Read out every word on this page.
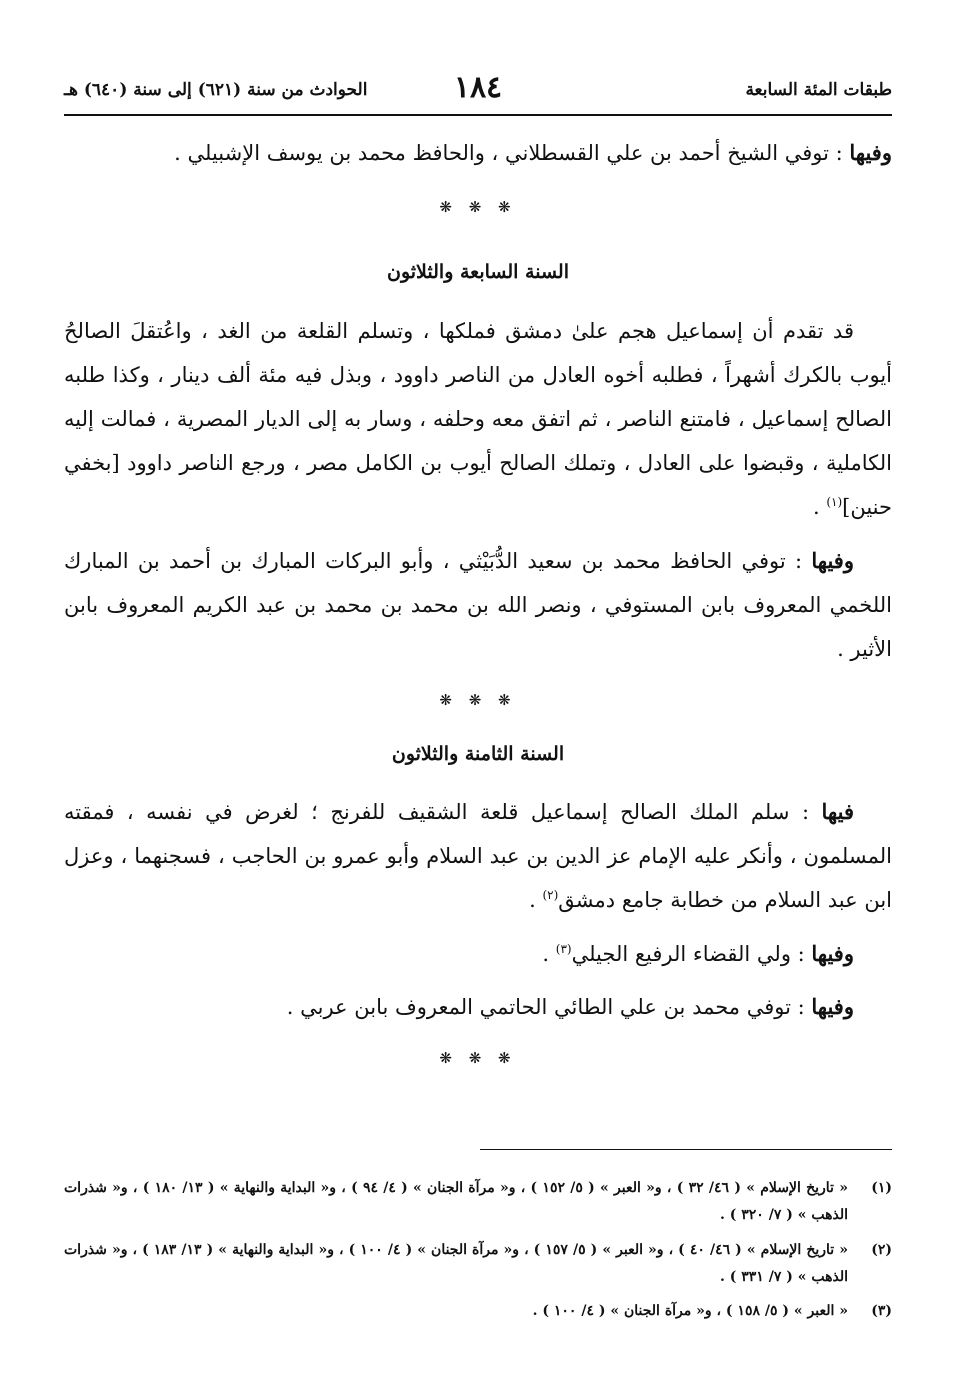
طبقات المئة السابعة
١٨٤
الحوادث من سنة (٦٢١) إلى سنة (٦٤٠) هـ
وفيها : توفي الشيخ أحمد بن علي القسطلاني ، والحافظ محمد بن يوسف الإشبيلي .
❋ ❋ ❋
السنة السابعة والثلاثون
قد تقدم أن إسماعيل هجم علىٰ دمشق فملكها ، وتسلم القلعة من الغد ، واعُتقلَ الصالحُ أيوب بالكرك أشهراً ، فطلبه أخوه العادل من الناصر داوود ، وبذل فيه مئة ألف دينار ، وكذا طلبه الصالح إسماعيل ، فامتنع الناصر ، ثم اتفق معه وحلفه ، وسار به إلى الديار المصرية ، فمالت إليه الكاملية ، وقبضوا على العادل ، وتملك الصالح أيوب بن الكامل مصر ، ورجع الناصر داوود [بخفي حنين]$^{(١)}$ .
وفيها : توفي الحافظ محمد بن سعيد الدُّبَيْثي ، وأبو البركات المبارك بن أحمد بن المبارك اللخمي المعروف بابن المستوفي ، ونصر الله بن محمد بن محمد بن عبد الكريم المعروف بابن الأثير .
❋ ❋ ❋
السنة الثامنة والثلاثون
فيها : سلم الملك الصالح إسماعيل قلعة الشقيف للفرنج ؛ لغرض في نفسه ، فمقته المسلمون ، وأنكر عليه الإمام عز الدين بن عبد السلام وأبو عمرو بن الحاجب ، فسجنهما ، وعزل ابن عبد السلام من خطابة جامع دمشق$^{(٢)}$ .
وفيها : ولي القضاء الرفيع الجيلي$^{(٣)}$ .
وفيها : توفي محمد بن علي الطائي الحاتمي المعروف بابن عربي .
❋ ❋ ❋
(١)
« تاريخ الإسلام » ( ٤٦/ ٣٢ ) ، و« العبر » ( ٥/ ١٥٢ ) ، و« مرآة الجنان » ( ٤/ ٩٤ ) ، و« البداية والنهاية » ( ١٣/ ١٨٠ ) ، و« شذرات الذهب » ( ٧/ ٣٢٠ ) .
(٢)
« تاريخ الإسلام » ( ٤٦/ ٤٠ ) ، و« العبر » ( ٥/ ١٥٧ ) ، و« مرآة الجنان » ( ٤/ ١٠٠ ) ، و« البداية والنهاية » ( ١٣/ ١٨٣ ) ، و« شذرات الذهب » ( ٧/ ٣٣١ ) .
(٣)
« العبر » ( ٥/ ١٥٨ ) ، و« مرآة الجنان » ( ٤/ ١٠٠ ) .
